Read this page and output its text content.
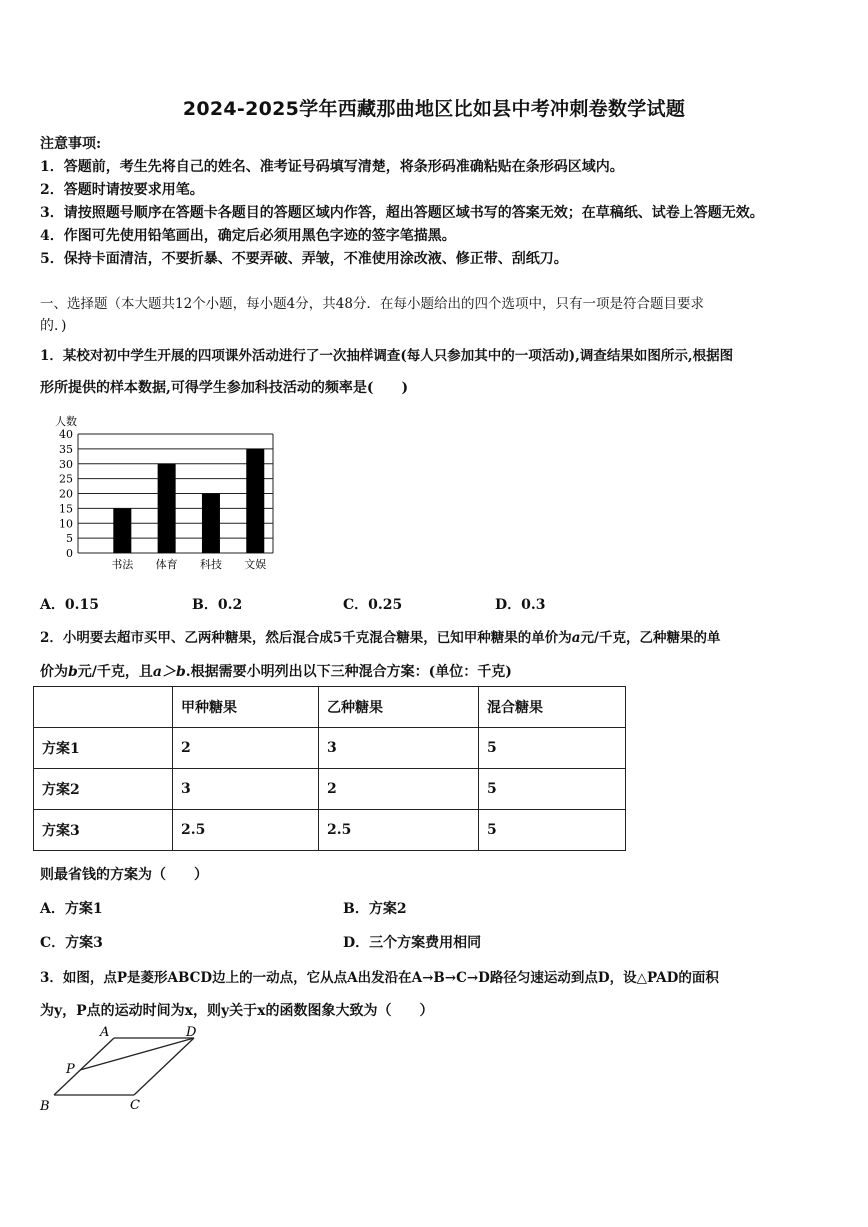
2024-2025学年西藏那曲地区比如县中考冲刺卷数学试题
注意事项:
1．答题前，考生先将自己的姓名、准考证号码填写清楚，将条形码准确粘贴在条形码区域内。
2．答题时请按要求用笔。
3．请按照题号顺序在答题卡各题目的答题区域内作答，超出答题区域书写的答案无效；在草稿纸、试卷上答题无效。
4．作图可先使用铅笔画出，确定后必须用黑色字迹的签字笔描黑。
5．保持卡面清洁，不要折暴、不要弄破、弄皱，不准使用涂改液、修正带、刮纸刀。
一、选择题（本大题共12个小题，每小题4分，共48分．在每小题给出的四个选项中，只有一项是符合题目要求
的．)
1．某校对初中学生开展的四项课外活动进行了一次抽样调查(每人只参加其中的一项活动),调查结果如图所示,根据图
形所提供的样本数据,可得学生参加科技活动的频率是(　　)
0
5
10
15
20
25
30
35
40
人数
书法 体育 科技 文娱
A．0.15	B．0.2	C．0.25	D．0.3
2．小明要去超市买甲、乙两种糖果，然后混合成5千克混合糖果，已知甲种糖果的单价为a元/千克，乙种糖果的单
价为b元/千克，且a＞b.根据需要小明列出以下三种混合方案：(单位：千克)
	甲种糖果	乙种糖果	混合糖果
方案1	2	3	5
方案2	3	2	5
方案3	2.5	2.5	5
则最省钱的方案为（　　）
A．方案1	B．方案2
C．方案3	D．三个方案费用相同
3．如图，点P是菱形ABCD边上的一动点，它从点A出发沿在A→B→C→D路径匀速运动到点D，设△PAD的面积
为y，P点的运动时间为x，则y关于x的函数图象大致为（　　）
A	D
P
B	C
